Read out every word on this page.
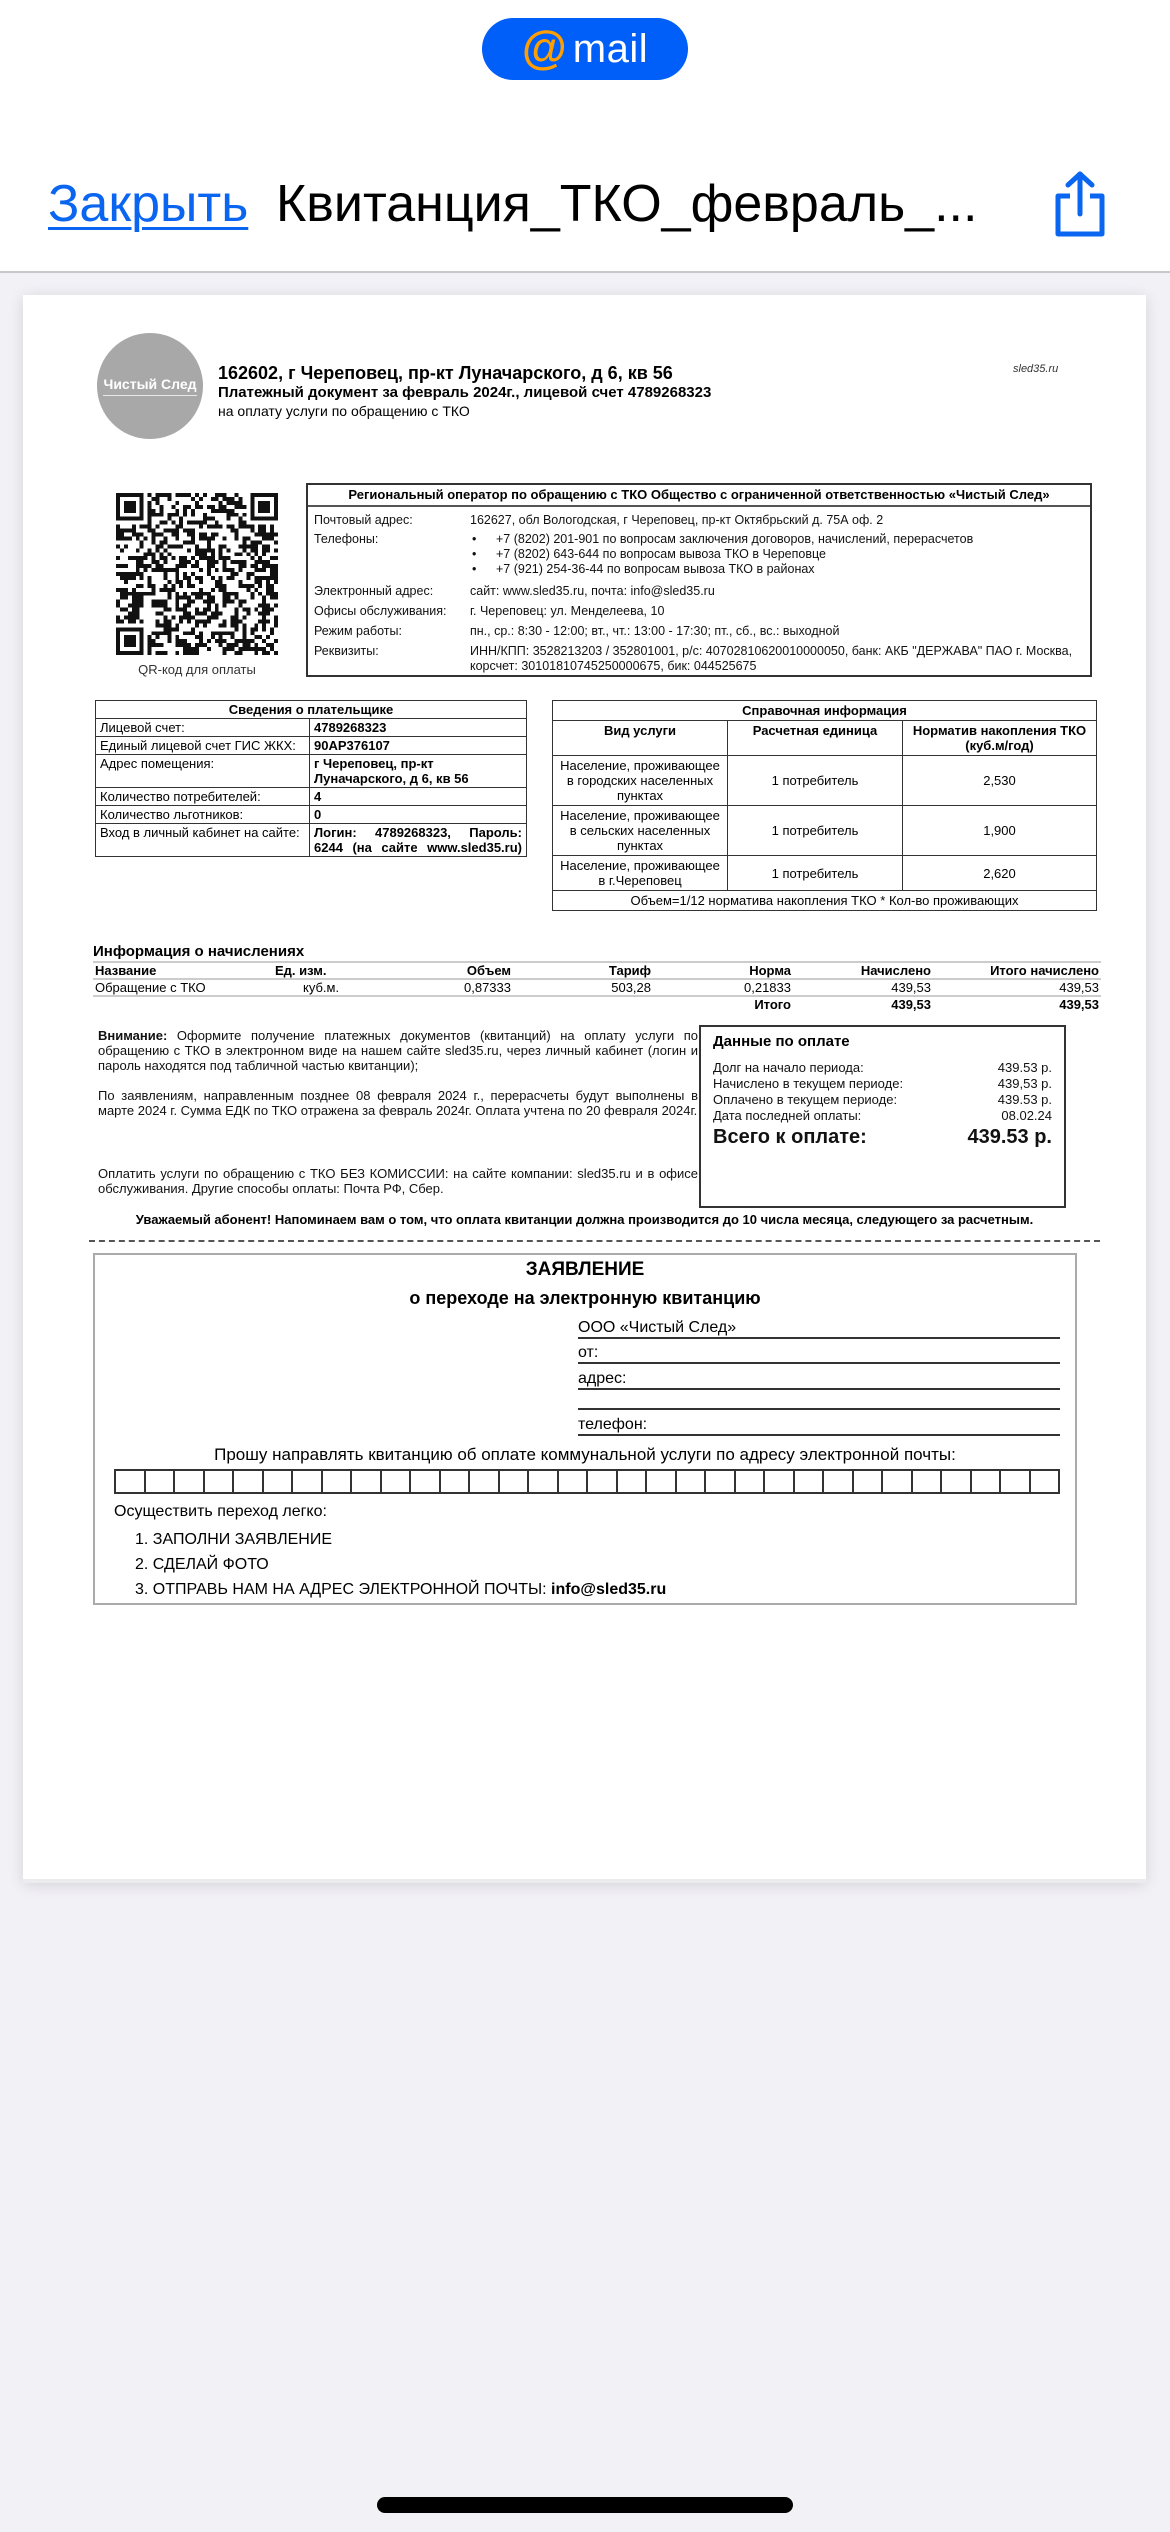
@ mail
Закрыть Квитанция_ТКО_февраль_...
Чистый След
162602, г Череповец, пр-кт Луначарского, д 6, кв 56
Платежный документ за февраль 2024г., лицевой счет 4789268323
на оплату услуги по обращению с ТКО
sled35.ru
QR-код для оплаты
Региональный оператор по обращению с ТКО Общество с ограниченной ответственностью «Чистый След»
Почтовый адрес:	162627, обл Вологодская, г Череповец, пр-кт Октябрьский д. 75А оф. 2
Телефоны:	• +7 (8202) 201-901 по вопросам заключения договоров, начислений, перерасчетов
• +7 (8202) 643-644 по вопросам вывоза ТКО в Череповце
• +7 (921) 254-36-44 по вопросам вывоза ТКО в районах
Электронный адрес:	сайт: www.sled35.ru, почта: info@sled35.ru
Офисы обслуживания:	г. Череповец: ул. Менделеева, 10
Режим работы:	пн., ср.: 8:30 - 12:00; вт., чт.: 13:00 - 17:30; пт., сб., вс.: выходной
Реквизиты:	ИНН/КПП: 3528213203 / 352801001, р/с: 40702810620010000050, банк: АКБ "ДЕРЖАВА" ПАО г. Москва, корсчет: 30101810745250000675, бик: 044525675
Сведения о плательщике	
Лицевой счет:	4789268323
Единый лицевой счет ГИС ЖКХ:	90АР376107
Адрес помещения:	г Череповец, пр-кт Луначарского, д 6, кв 56
Количество потребителей:	4
Количество льготников:	0
Вход в личный кабинет на сайте:	Логин: 4789268323, Пароль: 6244 (на сайте www.sled35.ru)
Справочная информация		
Вид услуги	Расчетная единица	Норматив накопления ТКО (куб.м/год)
Население, проживающее в городских населенных пунктах	1 потребитель	2,530
Население, проживающее в сельских населенных пунктах	1 потребитель	1,900
Население, проживающее в г.Череповец	1 потребитель	2,620
Объем=1/12 норматива накопления ТКО * Кол-во проживающих		
Информация о начислениях
Название	Ед. изм.	Объем	Тариф	Норма	Начислено	Итого начислено
Обращение с ТКО	куб.м.	0,87333	503,28	0,21833	439,53	439,53
				Итого	439,53	439,53

Внимание: Оформите получение платежных документов (квитанций) на оплату услуги по обращению с ТКО в электронном виде на нашем сайте sled35.ru, через личный кабинет (логин и пароль находятся под табличной частью квитанции);

По заявлениям, направленным позднее 08 февраля 2024 г., перерасчеты будут выполнены в марте 2024 г. Сумма ЕДК по ТКО отражена за февраль 2024г. Оплата учтена по 20 февраля 2024г.

Оплатить услуги по обращению с ТКО БЕЗ КОМИССИИ: на сайте компании: sled35.ru и в офисе обслуживания. Другие способы оплаты: Почта РФ, Сбер.

Данные по оплате
Долг на начало периода:	439.53 р.
Начислено в текущем периоде:	439,53 р.
Оплачено в текущем периоде:	439.53 р.
Дата последней оплаты:	08.02.24
Всего к оплате:	439.53 р.
Уважаемый абонент! Напоминаем вам о том, что оплата квитанции должна производится до 10 числа месяца, следующего за расчетным.
ЗАЯВЛЕНИЕ
о переходе на электронную квитанцию
ООО «Чистый След»
от:
адрес:
телефон:
Прошу направлять квитанцию об оплате коммунальной услуги по адресу электронной почты:
Осуществить переход легко:
1. ЗАПОЛНИ ЗАЯВЛЕНИЕ
2. СДЕЛАЙ ФОТО
3. ОТПРАВЬ НАМ НА АДРЕС ЭЛЕКТРОННОЙ ПОЧТЫ: info@sled35.ru
